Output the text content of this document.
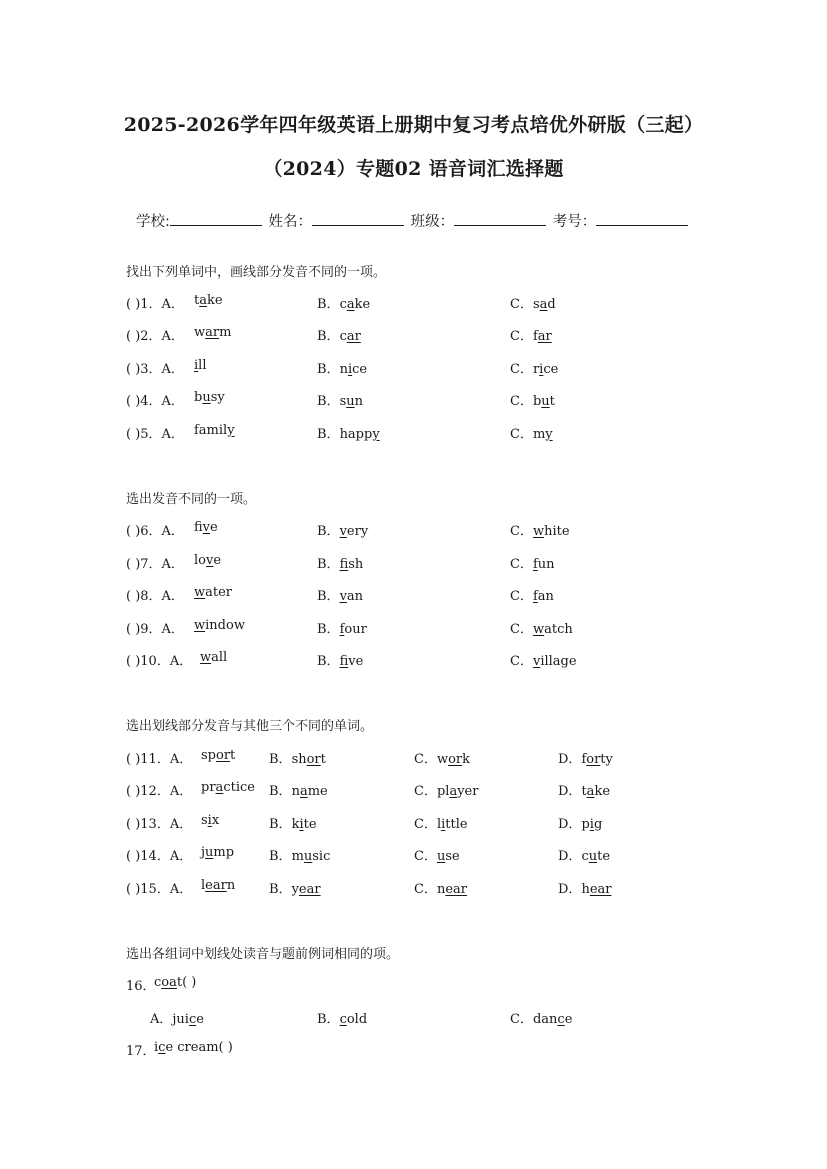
2025-2026学年四年级英语上册期中复习考点培优外研版（三起）
（2024）专题02 语音词汇选择题
学校:	姓名：	班级：	考号：
找出下列单词中，画线部分发音不同的一项。
( )1．A． take	B．cake	C．sad
( )2．A． warm	B．car	C．far
( )3．A． ill	B．nice	C．rice
( )4．A． busy	B．sun	C．but
( )5．A． family	B．happy	C．my
选出发音不同的一项。
( )6．A． five	B．very	C．white
( )7．A． love	B．fish	C．fun
( )8．A． water	B．van	C．fan
( )9．A． window	B．four	C．watch
( )10．A． wall	B．five	C．village
选出划线部分发音与其他三个不同的单词。
( )11．A． sport	B．short	C．work	D．forty
( )12．A． practice B．name	C．player	D．take
( )13．A． six	B．kite	C．little	D．pig
( )14．A． jump	B．music	C．use	D．cute
( )15．A． learn	B．year	C．near	D．hear
选出各组词中划线处读音与题前例词相同的项。
16．
coat( )
A．juice	B．cold	C．dance
17．
ice cream( )
